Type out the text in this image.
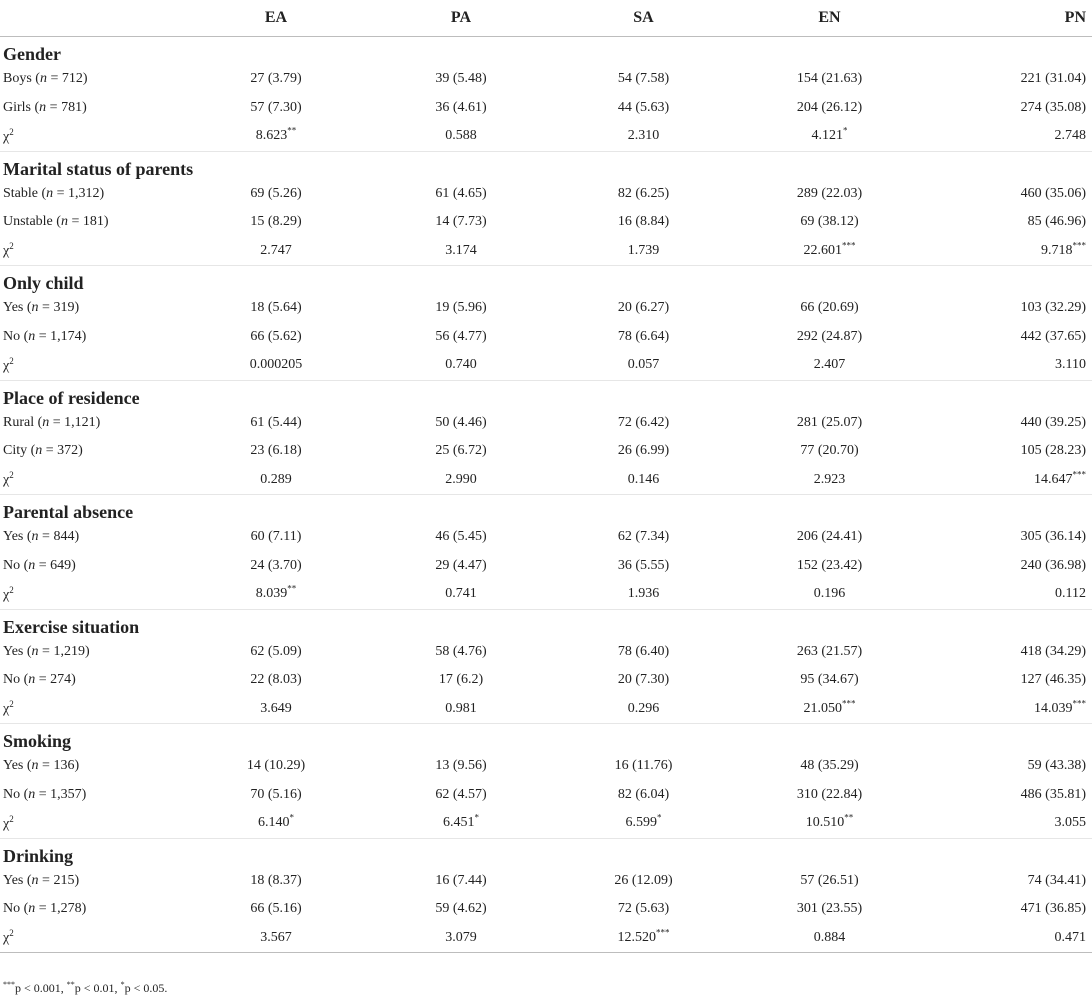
	EA	PA	SA	EN	PN
Gender					
Boys (n = 712)	27 (3.79)	39 (5.48)	54 (7.58)	154 (21.63)	221 (31.04)
Girls (n = 781)	57 (7.30)	36 (4.61)	44 (5.63)	204 (26.12)	274 (35.08)
$\chi^2$	8.623**	0.588	2.310	4.121*	2.748
Marital status of parents					
Stable (n = 1,312)	69 (5.26)	61 (4.65)	82 (6.25)	289 (22.03)	460 (35.06)
Unstable (n = 181)	15 (8.29)	14 (7.73)	16 (8.84)	69 (38.12)	85 (46.96)
$\chi^2$	2.747	3.174	1.739	22.601***	9.718***
Only child					
Yes (n = 319)	18 (5.64)	19 (5.96)	20 (6.27)	66 (20.69)	103 (32.29)
No (n = 1,174)	66 (5.62)	56 (4.77)	78 (6.64)	292 (24.87)	442 (37.65)
$\chi^2$	0.000205	0.740	0.057	2.407	3.110
Place of residence					
Rural (n = 1,121)	61 (5.44)	50 (4.46)	72 (6.42)	281 (25.07)	440 (39.25)
City (n = 372)	23 (6.18)	25 (6.72)	26 (6.99)	77 (20.70)	105 (28.23)
$\chi^2$	0.289	2.990	0.146	2.923	14.647***
Parental absence					
Yes (n = 844)	60 (7.11)	46 (5.45)	62 (7.34)	206 (24.41)	305 (36.14)
No (n = 649)	24 (3.70)	29 (4.47)	36 (5.55)	152 (23.42)	240 (36.98)
$\chi^2$	8.039**	0.741	1.936	0.196	0.112
Exercise situation					
Yes (n = 1,219)	62 (5.09)	58 (4.76)	78 (6.40)	263 (21.57)	418 (34.29)
No (n = 274)	22 (8.03)	17 (6.2)	20 (7.30)	95 (34.67)	127 (46.35)
$\chi^2$	3.649	0.981	0.296	21.050***	14.039***
Smoking					
Yes (n = 136)	14 (10.29)	13 (9.56)	16 (11.76)	48 (35.29)	59 (43.38)
No (n = 1,357)	70 (5.16)	62 (4.57)	82 (6.04)	310 (22.84)	486 (35.81)
$\chi^2$	6.140*	6.451*	6.599*	10.510**	3.055
Drinking					
Yes (n = 215)	18 (8.37)	16 (7.44)	26 (12.09)	57 (26.51)	74 (34.41)
No (n = 1,278)	66 (5.16)	59 (4.62)	72 (5.63)	301 (23.55)	471 (36.85)
$\chi^2$	3.567	3.079	12.520***	0.884	0.471
***p < 0.001, **p < 0.01, *p < 0.05.
